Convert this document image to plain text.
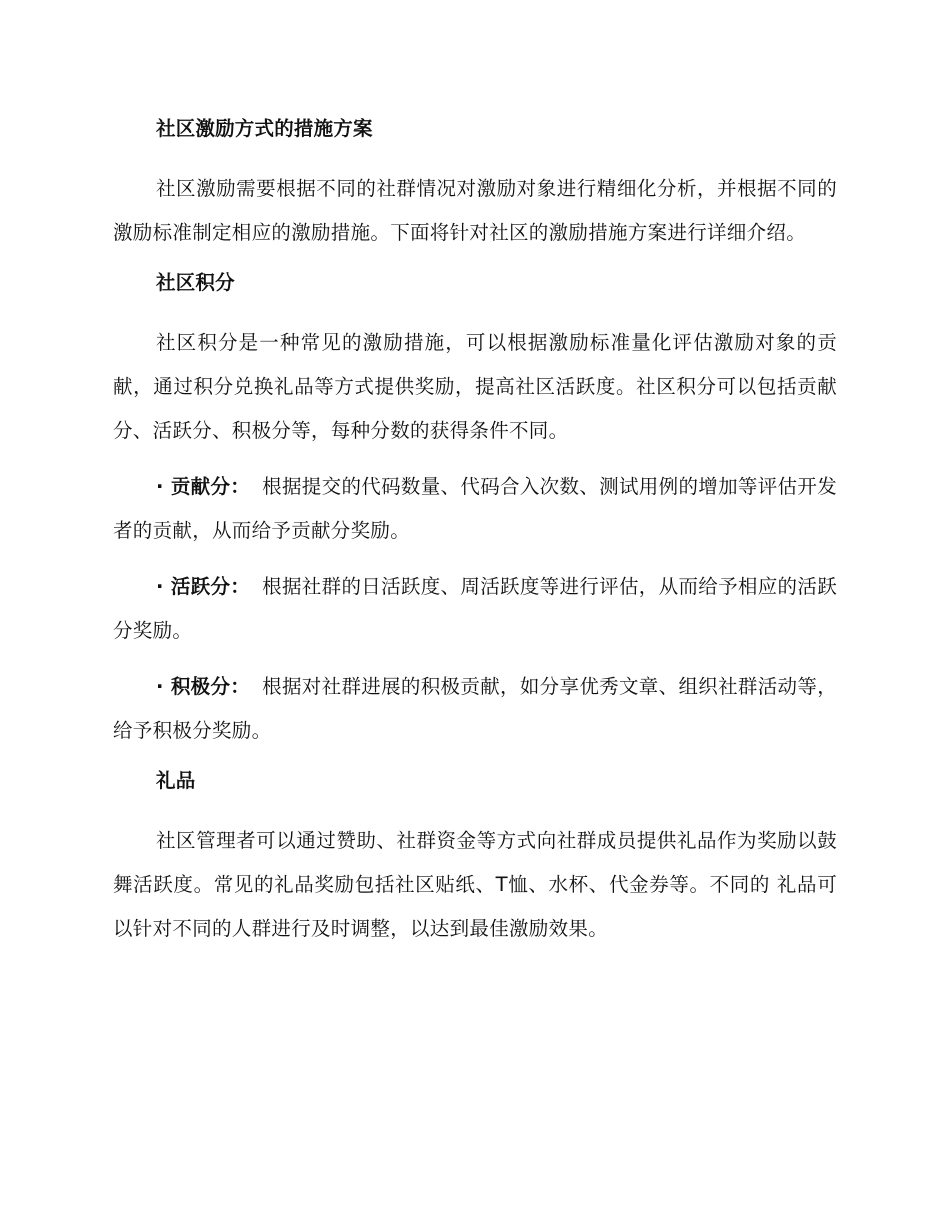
社区激励方式的措施方案

社区激励需要根据不同的社群情况对激励对象进行精细化分析，并根据不同的激励标准制定相应的激励措施。下面将针对社区的激励措施方案进行详细介绍。

社区积分

社区积分是一种常见的激励措施，可以根据激励标准量化评估激励对象的贡献，通过积分兑换礼品等方式提供奖励，提高社区活跃度。社区积分可以包括贡献分、活跃分、积极分等，每种分数的获得条件不同。

· 贡献分： 根据提交的代码数量、代码合入次数、测试用例的增加等评估开发者的贡献，从而给予贡献分奖励。

· 活跃分： 根据社群的日活跃度、周活跃度等进行评估，从而给予相应的活跃分奖励。

· 积极分： 根据对社群进展的积极贡献，如分享优秀文章、组织社群活动等，给予积极分奖励。

礼品

社区管理者可以通过赞助、社群资金等方式向社群成员提供礼品作为奖励以鼓舞活跃度。常见的礼品奖励包括社区贴纸、T恤、水杯、代金券等。不同的 礼品可以针对不同的人群进行及时调整，以达到最佳激励效果。
